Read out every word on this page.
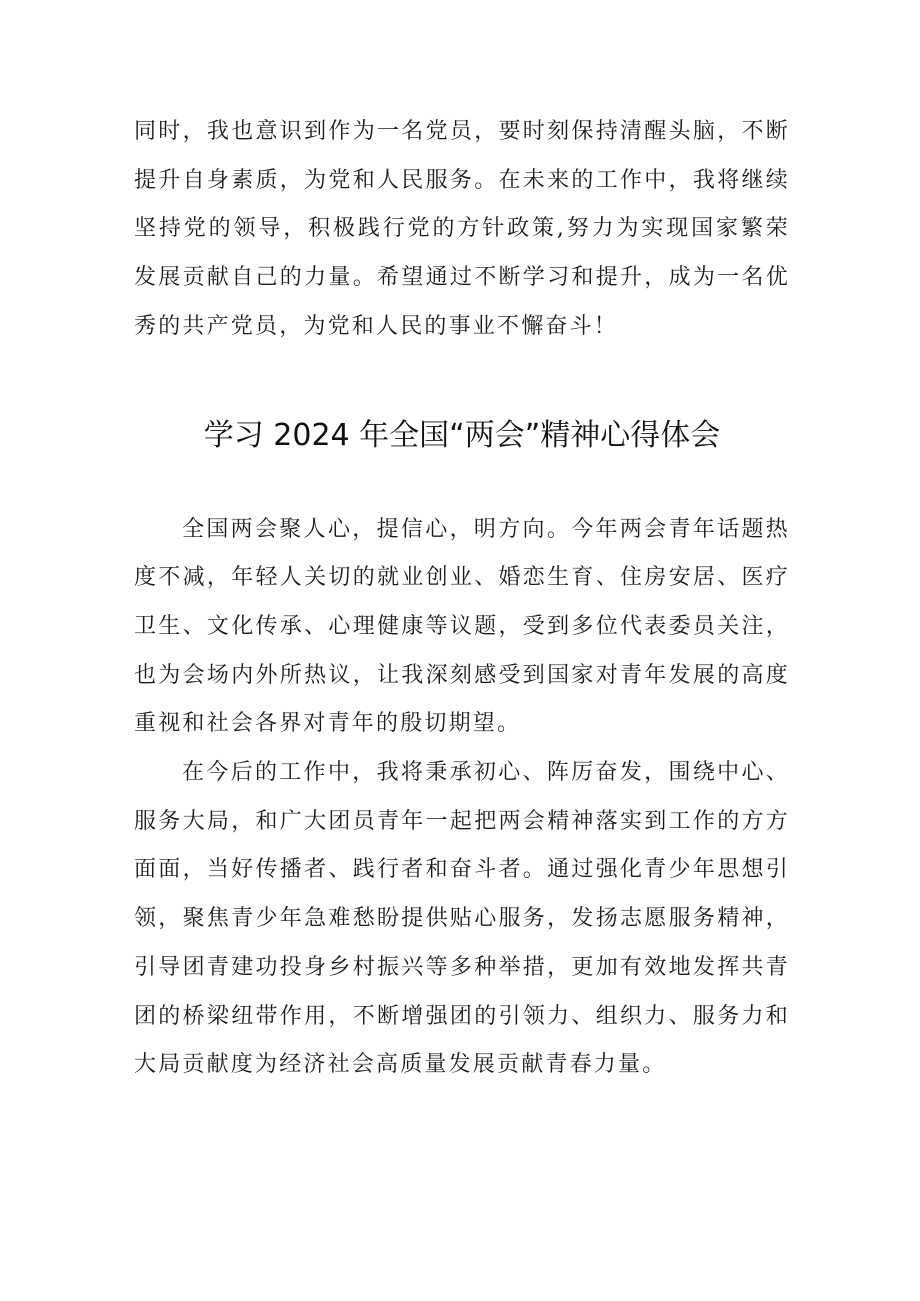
同时，我也意识到作为一名党员，要时刻保持清醒头脑，不断提升自身素质，为党和人民服务。在未来的工作中，我将继续坚持党的领导，积极践行党的方针政策,努力为实现国家繁荣发展贡献自己的力量。希望通过不断学习和提升，成为一名优秀的共产党员，为党和人民的事业不懈奋斗！

学习 2024 年全国“两会”精神心得体会

全国两会聚人心，提信心，明方向。今年两会青年话题热度不减，年轻人关切的就业创业、婚恋生育、住房安居、医疗卫生、文化传承、心理健康等议题，受到多位代表委员关注，也为会场内外所热议，让我深刻感受到国家对青年发展的高度重视和社会各界对青年的殷切期望。

在今后的工作中，我将秉承初心、阵厉奋发，围绕中心、服务大局，和广大团员青年一起把两会精神落实到工作的方方面面，当好传播者、践行者和奋斗者。通过强化青少年思想引领，聚焦青少年急难愁盼提供贴心服务，发扬志愿服务精神，引导团青建功投身乡村振兴等多种举措，更加有效地发挥共青团的桥梁纽带作用，不断增强团的引领力、组织力、服务力和大局贡献度为经济社会高质量发展贡献青春力量。
